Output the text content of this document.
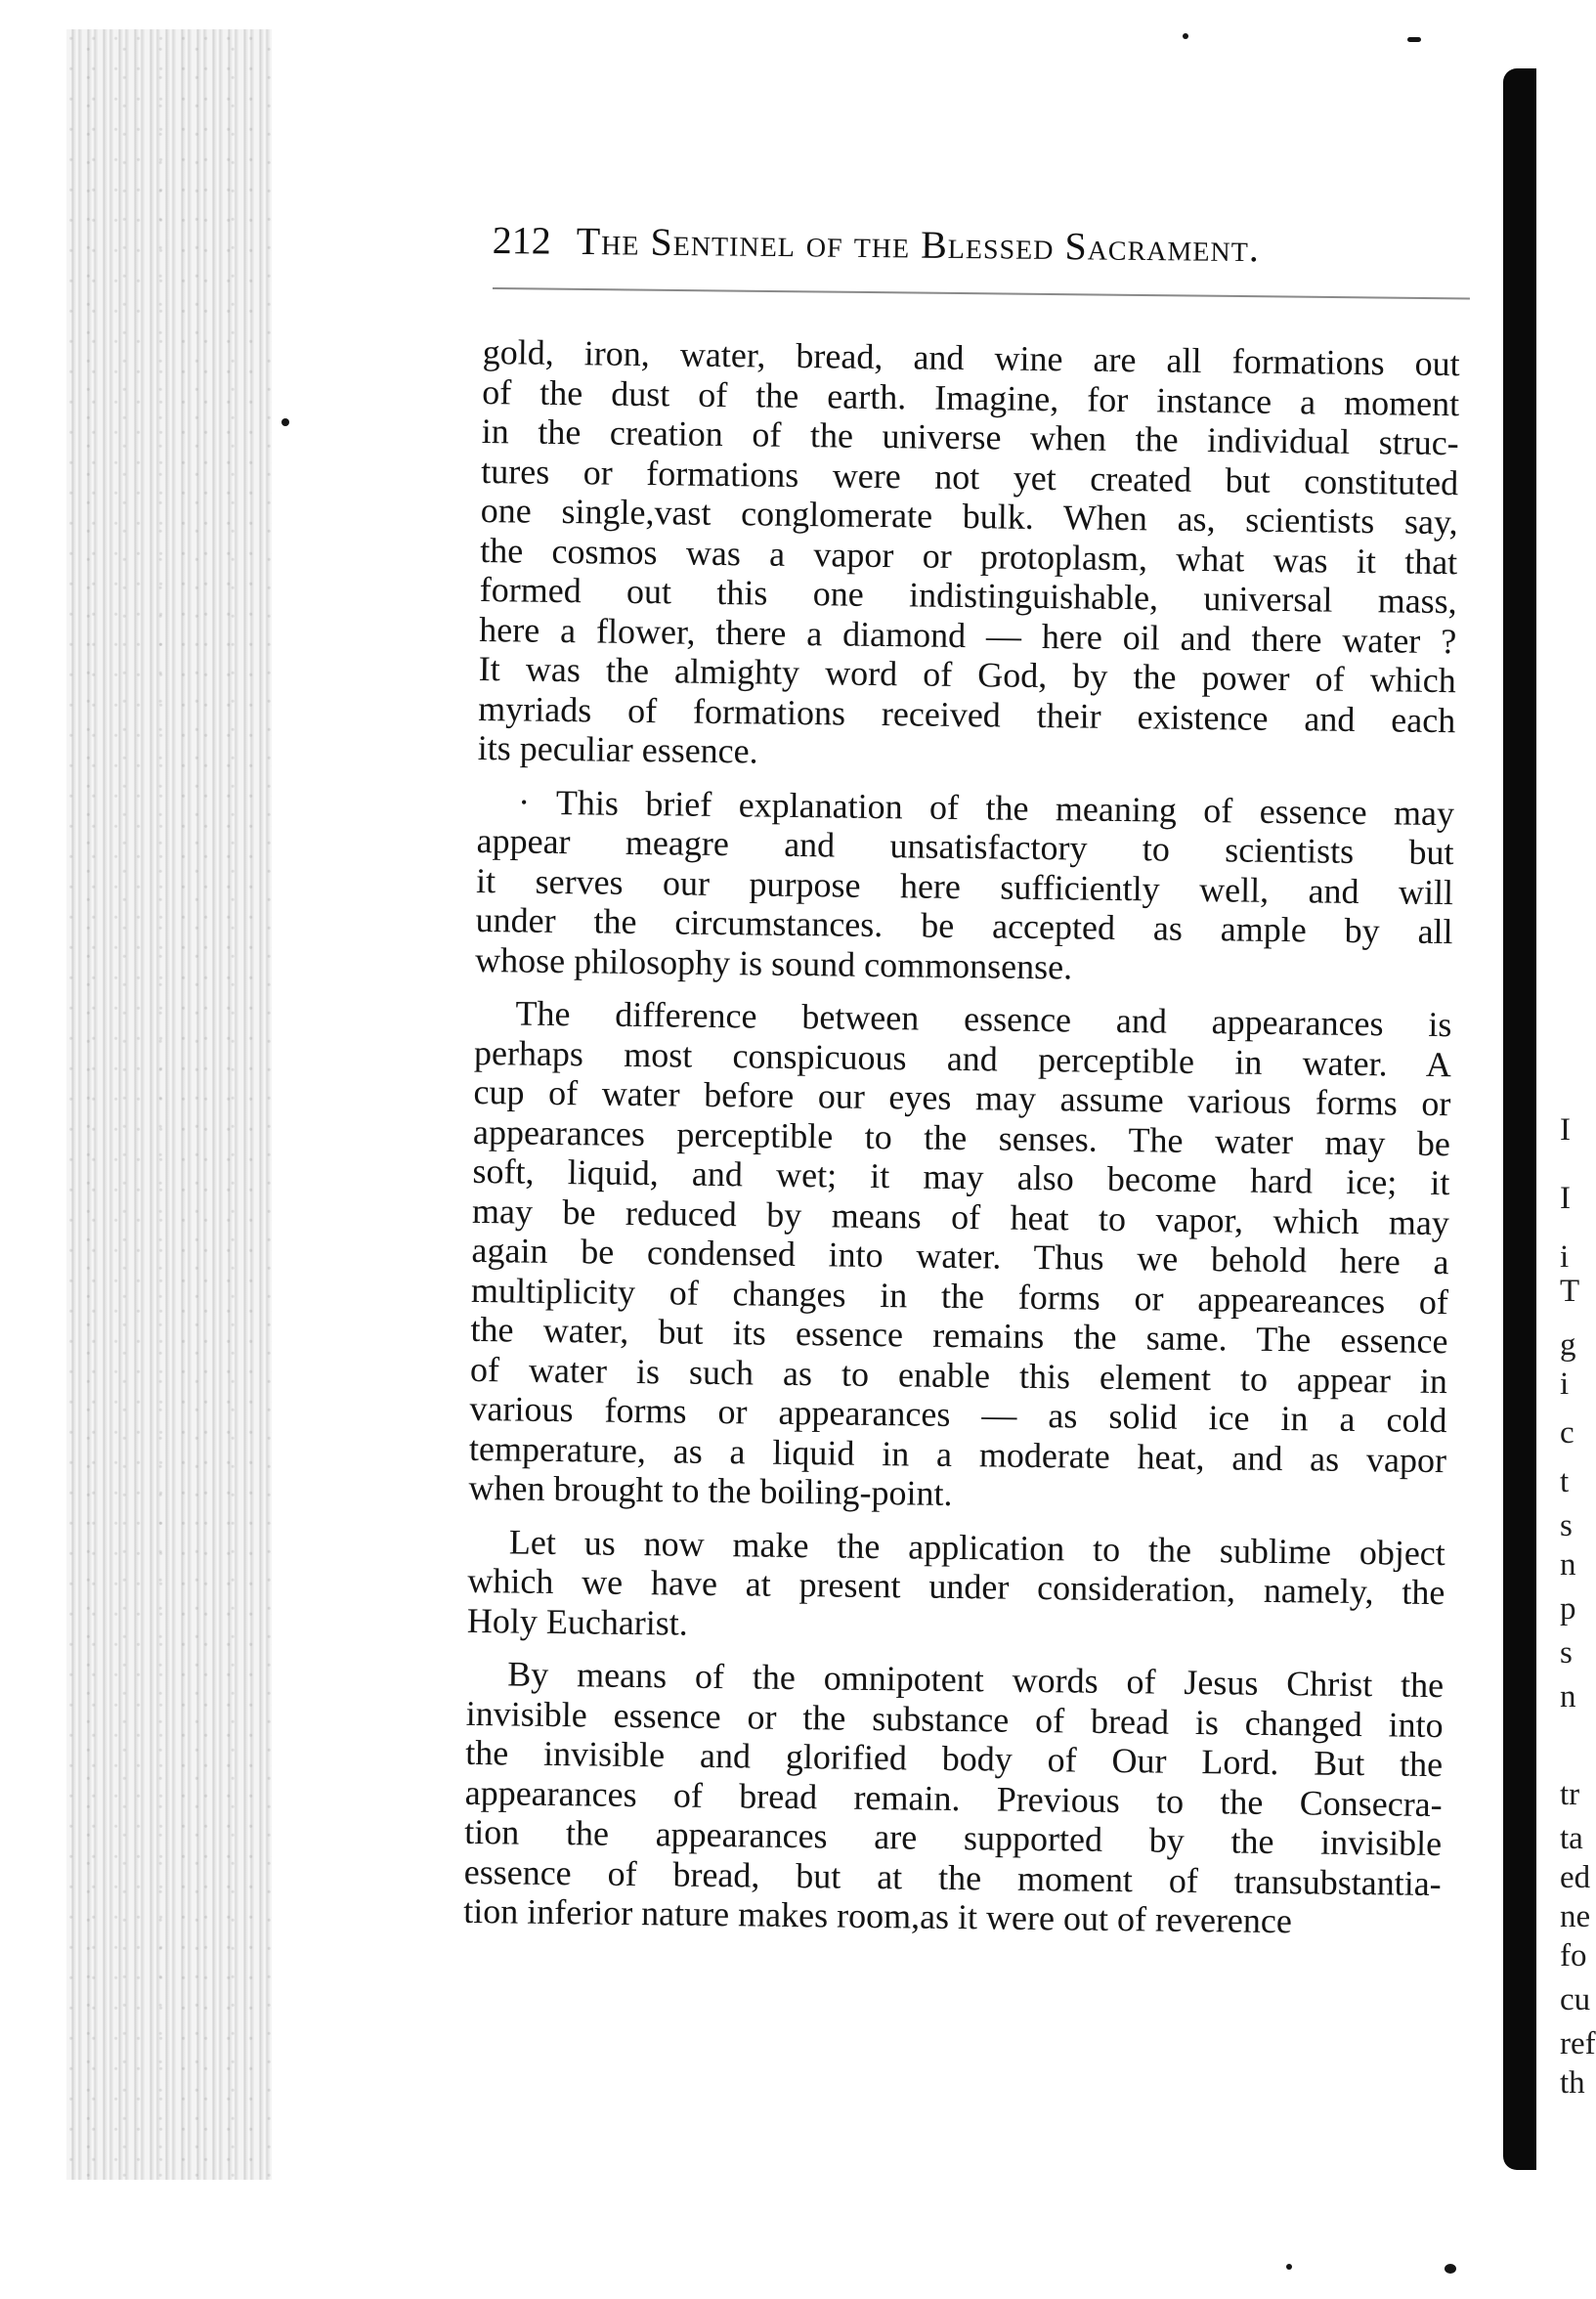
I
I
i
T
g
i
c
t
s
n
p
s
n
tr
ta
ed
ne
fo
cu
ref
th
212 The Sentinel of the Blessed Sacrament.
gold, iron, water, bread, and wine are all formations out
of the dust of the earth. Imagine, for instance a moment
in the creation of the universe when the individual struc-
tures or formations were not yet created but constituted
one single,vast conglomerate bulk. When as, scientists say,
the cosmos was a vapor or protoplasm, what was it that
formed out this one indistinguishable, universal mass,
here a flower, there a diamond — here oil and there water ?
It was the almighty word of God, by the power of which
myriads of formations received their existence and each
its peculiar essence.
· This brief explanation of the meaning of essence may
appear meagre and unsatisfactory to scientists but
it serves our purpose here sufficiently well, and will
under the circumstances. be accepted as ample by all
whose philosophy is sound commonsense.
The difference between essence and appearances is
perhaps most conspicuous and perceptible in water. A
cup of water before our eyes may assume various forms or
appearances perceptible to the senses. The water may be
soft, liquid, and wet; it may also become hard ice; it
may be reduced by means of heat to vapor, which may
again be condensed into water. Thus we behold here a
multiplicity of changes in the forms or appeareances of
the water, but its essence remains the same. The essence
of water is such as to enable this element to appear in
various forms or appearances — as solid ice in a cold
temperature, as a liquid in a moderate heat, and as vapor
when brought to the boiling-point.
Let us now make the application to the sublime object
which we have at present under consideration, namely, the
Holy Eucharist.
By means of the omnipotent words of Jesus Christ the
invisible essence or the substance of bread is changed into
the invisible and glorified body of Our Lord. But the
appearances of bread remain. Previous to the Consecra-
tion the appearances are supported by the invisible
essence of bread, but at the moment of transubstantia-
tion inferior nature makes room,as it were out of reverence
